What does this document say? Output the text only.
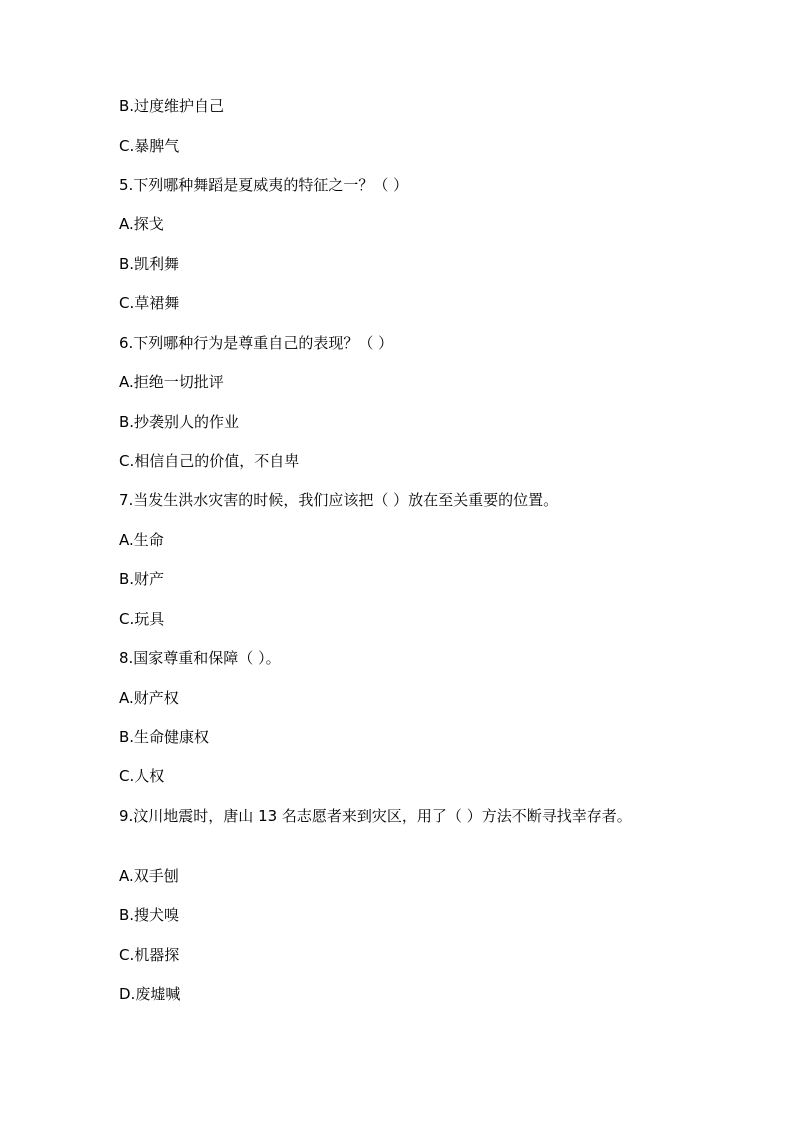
B.过度维护自己
C.暴脾气
5.下列哪种舞蹈是夏威夷的特征之一？（ ）
A.探戈
B.凯利舞
C.草裙舞
6.下列哪种行为是尊重自己的表现？（ ）
A.拒绝一切批评
B.抄袭别人的作业
C.相信自己的价值，不自卑
7.当发生洪水灾害的时候，我们应该把（ ）放在至关重要的位置。
A.生命
B.财产
C.玩具
8.国家尊重和保障（ ）。
A.财产权
B.生命健康权
C.人权
9.汶川地震时，唐山 13 名志愿者来到灾区，用了（ ）方法不断寻找幸存者。
A.双手刨
B.搜犬嗅
C.机器探
D.废墟喊
